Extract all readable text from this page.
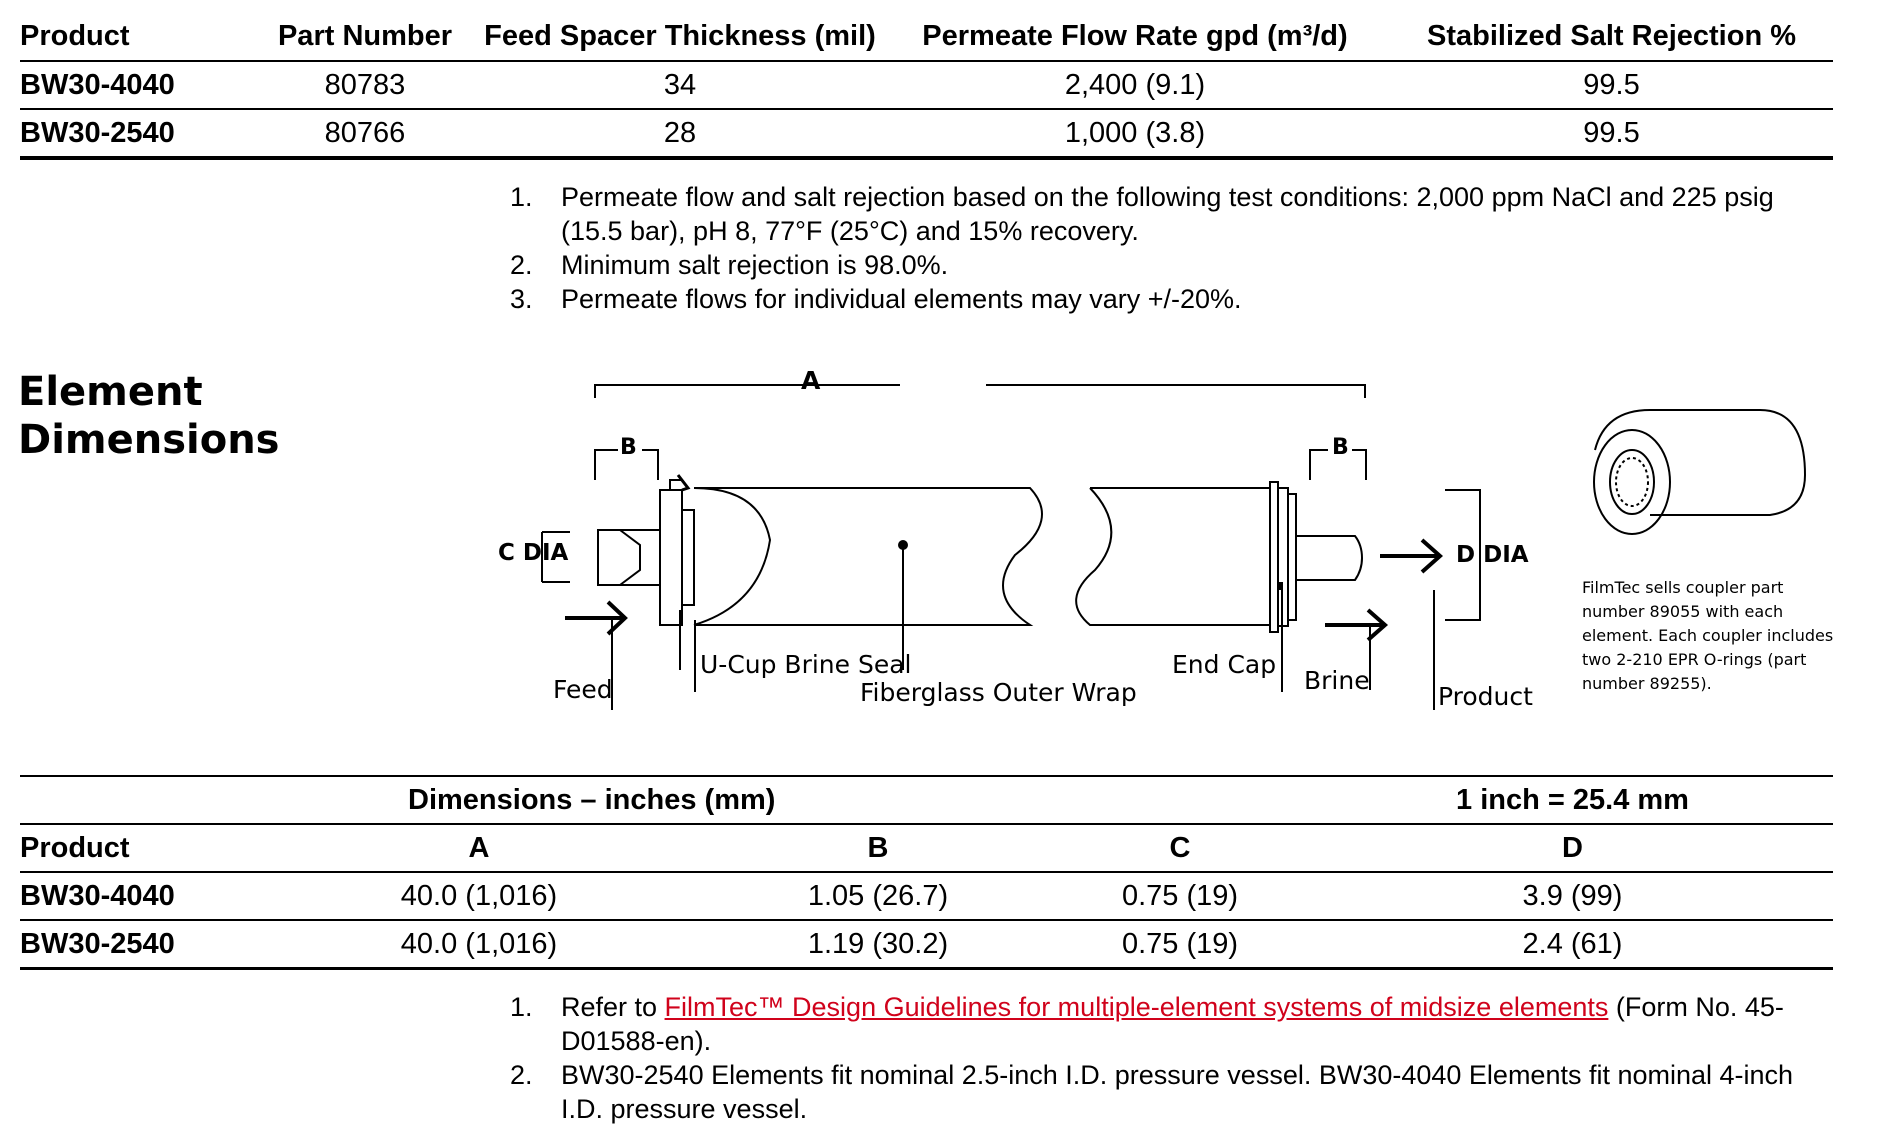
Product	Part Number	Feed Spacer Thickness (mil)	Permeate Flow Rate gpd (m³/d)	Stabilized Salt Rejection %
BW30-4040	80783	34	2,400 (9.1)	99.5
BW30-2540	80766	28	1,000 (3.8)	99.5
1. Permeate flow and salt rejection based on the following test conditions: 2,000 ppm NaCl and 225 psig (15.5 bar), pH 8, 77°F (25°C) and 15% recovery.
2. Minimum salt rejection is 98.0%.
3. Permeate flows for individual elements may vary +/-20%.
Element
Dimensions
A
B	B
C DIA	D DIA
Feed
U-Cup Brine Seal
Fiberglass Outer Wrap
End Cap
Brine
Product
FilmTec sells coupler part number 89055 with each element. Each coupler includes two 2-210 EPR O-rings (part number 89255).
	Dimensions – inches (mm)			1 inch = 25.4 mm
Product	A	B	C	D
BW30-4040	40.0 (1,016)	1.05 (26.7)	0.75 (19)	3.9 (99)
BW30-2540	40.0 (1,016)	1.19 (30.2)	0.75 (19)	2.4 (61)
1. Refer to FilmTec™ Design Guidelines for multiple-element systems of midsize elements (Form No. 45-D01588-en).
2. BW30-2540 Elements fit nominal 2.5-inch I.D. pressure vessel. BW30-4040 Elements fit nominal 4-inch I.D. pressure vessel.
